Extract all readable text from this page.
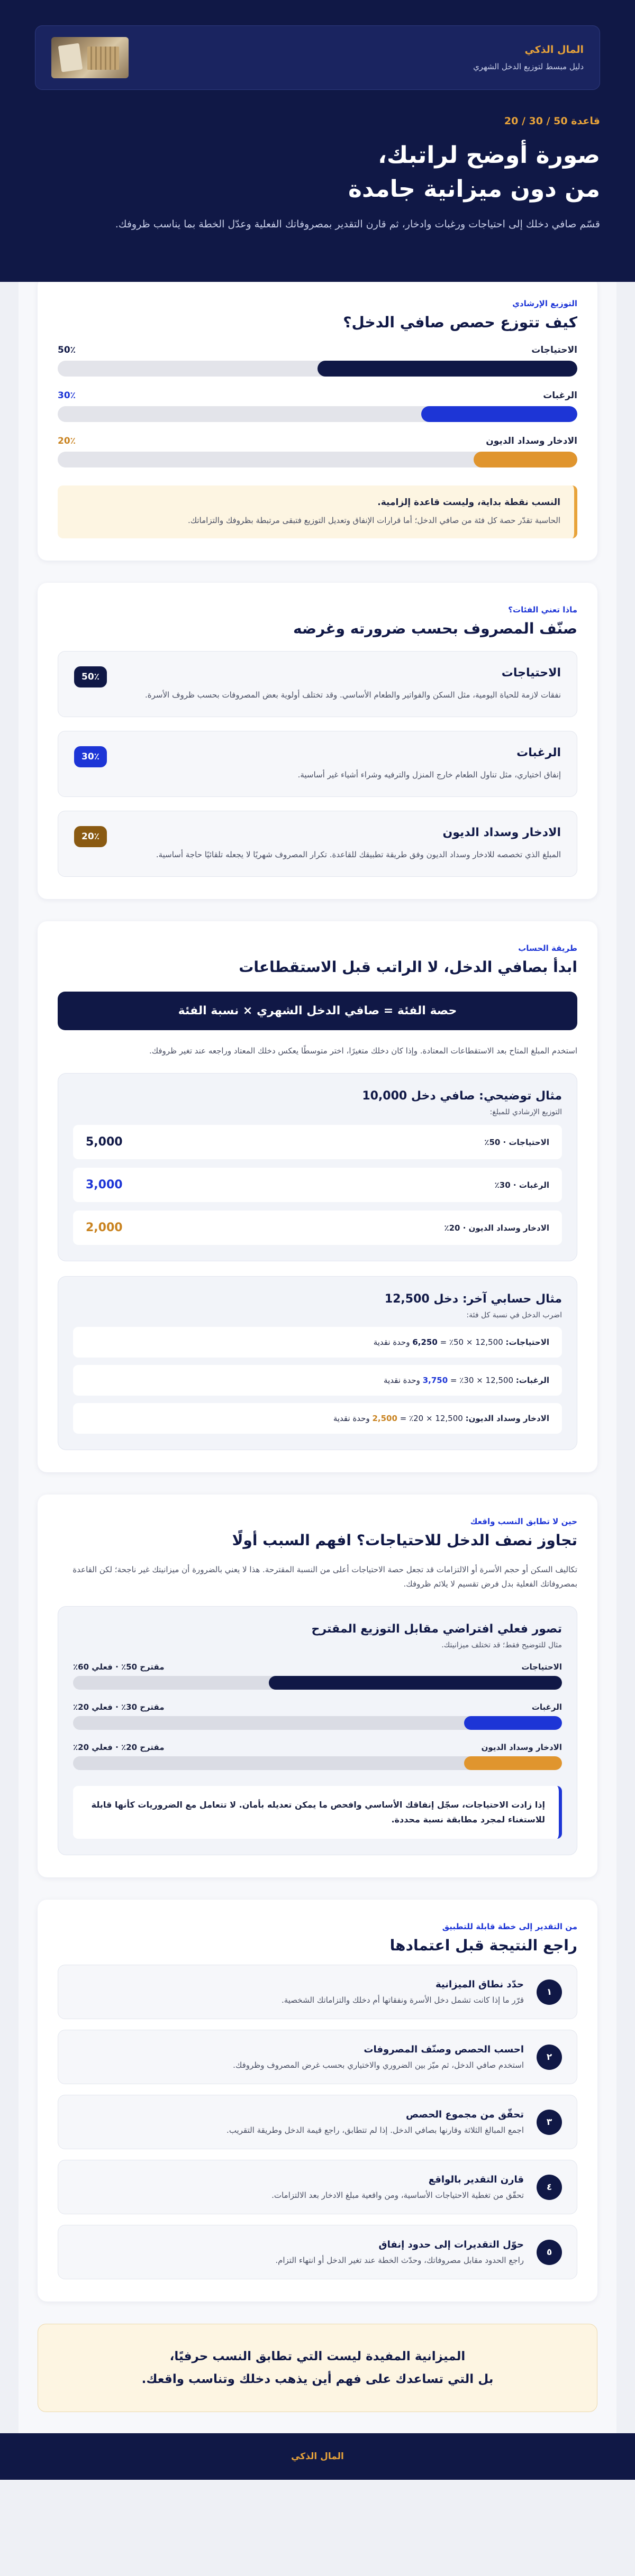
المال الذكي
دليل مبسط لتوزيع الدخل الشهري
قاعدة 50 / 30 / 20
صورة أوضح لراتبك،
من دون ميزانية جامدة
قسّم صافي دخلك إلى احتياجات ورغبات وادخار، ثم قارن التقدير بمصروفاتك الفعلية وعدّل الخطة بما يناسب ظروفك.
التوزيع الإرشادي
كيف تتوزع حصص صافي الدخل؟
الاحتياجات
50٪
الرغبات
30٪
الادخار وسداد الديون
20٪
النسب نقطة بداية، وليست قاعدة إلزامية.
الحاسبة تقدّر حصة كل فئة من صافي الدخل؛ أما قرارات الإنفاق وتعديل التوزيع فتبقى مرتبطة بظروفك والتزاماتك.
ماذا تعني الفئات؟
صنّف المصروف بحسب ضرورته وغرضه
الاحتياجات
نفقات لازمة للحياة اليومية، مثل السكن والفواتير والطعام الأساسي. وقد تختلف أولوية بعض المصروفات بحسب ظروف الأسرة.
50٪
الرغبات
إنفاق اختياري، مثل تناول الطعام خارج المنزل والترفيه وشراء أشياء غير أساسية.
30٪
الادخار وسداد الديون
المبلغ الذي تخصصه للادخار وسداد الديون وفق طريقة تطبيقك للقاعدة. تكرار المصروف شهريًا لا يجعله تلقائيًا حاجة أساسية.
20٪
طريقة الحساب
ابدأ بصافي الدخل، لا الراتب قبل الاستقطاعات
حصة الفئة = صافي الدخل الشهري × نسبة الفئة
استخدم المبلغ المتاح بعد الاستقطاعات المعتادة. وإذا كان دخلك متغيرًا، اختر متوسطًا يعكس دخلك المعتاد وراجعه عند تغير ظروفك.
مثال توضيحي: صافي دخل 10,000
التوزيع الإرشادي للمبلغ:
الاحتياجات · 50٪
5,000
الرغبات · 30٪
3,000
الادخار وسداد الديون · 20٪
2,000
مثال حسابي آخر: دخل 12,500
اضرب الدخل في نسبة كل فئة:
الاحتياجات: 12,500 × 50٪ = 6,250 وحدة نقدية
الرغبات: 12,500 × 30٪ = 3,750 وحدة نقدية
الادخار وسداد الديون: 12,500 × 20٪ = 2,500 وحدة نقدية
حين لا تطابق النسب واقعك
تجاوز نصف الدخل للاحتياجات؟ افهم السبب أولًا
تكاليف السكن أو حجم الأسرة أو الالتزامات قد تجعل حصة الاحتياجات أعلى من النسبة المقترحة. هذا لا يعني بالضرورة أن ميزانيتك غير ناجحة؛ لكن القاعدة بمصروفاتك الفعلية بدل فرض تقسيم لا يلائم ظروفك.
تصور فعلي افتراضي مقابل التوزيع المقترح
مثال للتوضيح فقط؛ قد تختلف ميزانيتك.
الاحتياجات
مقترح 50٪ · فعلي 60٪
الرغبات
مقترح 30٪ · فعلي 20٪
الادخار وسداد الديون
مقترح 20٪ · فعلي 20٪
إذا زادت الاحتياجات، سجّل إنفاقك الأساسي وافحص ما يمكن تعديله بأمان. لا تتعامل مع الضروريات كأنها قابلة للاستغناء لمجرد مطابقة نسبة محددة.
من التقدير إلى خطة قابلة للتطبيق
راجع النتيجة قبل اعتمادها
١
حدّد نطاق الميزانية
قرّر ما إذا كانت تشمل دخل الأسرة ونفقاتها أم دخلك والتزاماتك الشخصية.
٢
احسب الحصص وصنّف المصروفات
استخدم صافي الدخل، ثم ميّز بين الضروري والاختياري بحسب غرض المصروف وظروفك.
٣
تحقّق من مجموع الحصص
اجمع المبالغ الثلاثة وقارنها بصافي الدخل. إذا لم تتطابق، راجع قيمة الدخل وطريقة التقريب.
٤
قارن التقدير بالواقع
تحقّق من تغطية الاحتياجات الأساسية، ومن واقعية مبلغ الادخار بعد الالتزامات.
٥
حوّل التقديرات إلى حدود إنفاق
راجع الحدود مقابل مصروفاتك، وحدّث الخطة عند تغير الدخل أو انتهاء التزام.
الميزانية المفيدة ليست التي تطابق النسب حرفيًا،
بل التي تساعدك على فهم أين يذهب دخلك وتناسب واقعك.
المال الذكي
